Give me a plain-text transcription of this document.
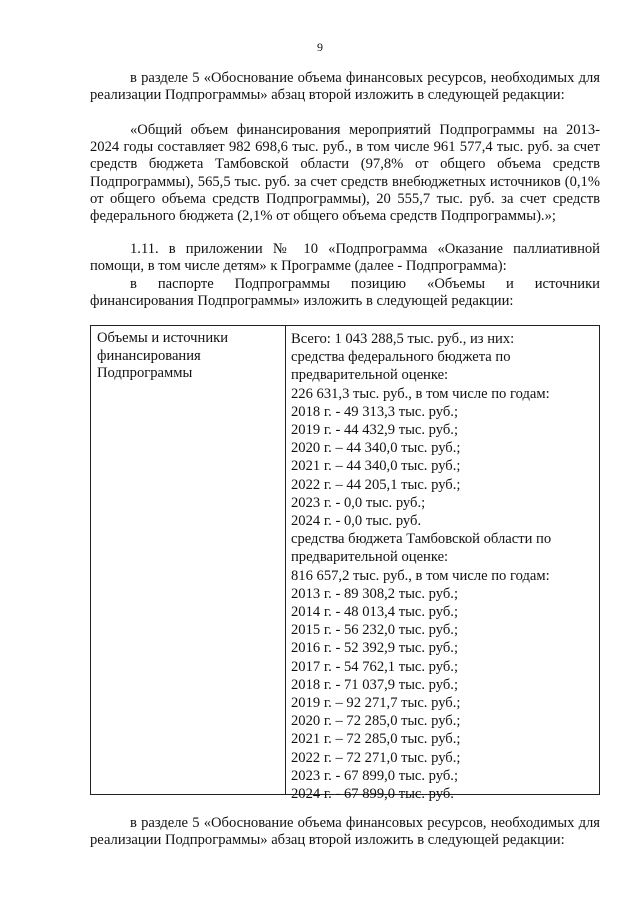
9

в разделе 5 «Обоснование объема финансовых ресурсов, необходимых для реализации Подпрограммы» абзац второй изложить в следующей редакции:

«Общий объем финансирования мероприятий Подпрограммы на 2013-2024 годы составляет 982 698,6 тыс. руб., в том числе 961 577,4 тыс. руб. за счет средств бюджета Тамбовской области (97,8% от общего объема средств Подпрограммы), 565,5 тыс. руб. за счет средств внебюджетных источников (0,1% от общего объема средств Подпрограммы), 20 555,7 тыс. руб. за счет средств федерального бюджета (2,1% от общего объема средств Подпрограммы).»;

1.11. в приложении № 10 «Подпрограмма «Оказание паллиативной помощи, в том числе детям» к Программе (далее - Подпрограмма):

в паспорте Подпрограммы позицию «Объемы и источники финансирования Подпрограммы» изложить в следующей редакции:

Объемы и источники
финансирования
Подпрограммы
Всего: 1 043 288,5 тыс. руб., из них:
средства федерального бюджета по
предварительной оценке:
226 631,3 тыс. руб., в том числе по годам:
2018 г. - 49 313,3 тыс. руб.;
2019 г. - 44 432,9 тыс. руб.;
2020 г. – 44 340,0 тыс. руб.;
2021 г. – 44 340,0 тыс. руб.;
2022 г. – 44 205,1 тыс. руб.;
2023 г. - 0,0 тыс. руб.;
2024 г. - 0,0 тыс. руб.
средства бюджета Тамбовской области по
предварительной оценке:
816 657,2 тыс. руб., в том числе по годам:
2013 г. - 89 308,2 тыс. руб.;
2014 г. - 48 013,4 тыс. руб.;
2015 г. - 56 232,0 тыс. руб.;
2016 г. - 52 392,9 тыс. руб.;
2017 г. - 54 762,1 тыс. руб.;
2018 г. - 71 037,9 тыс. руб.;
2019 г. – 92 271,7 тыс. руб.;
2020 г. – 72 285,0 тыс. руб.;
2021 г. – 72 285,0 тыс. руб.;
2022 г. – 72 271,0 тыс. руб.;
2023 г. - 67 899,0 тыс. руб.;
2024 г. - 67 899,0 тыс. руб.

в разделе 5 «Обоснование объема финансовых ресурсов, необходимых для реализации Подпрограммы» абзац второй изложить в следующей редакции:
